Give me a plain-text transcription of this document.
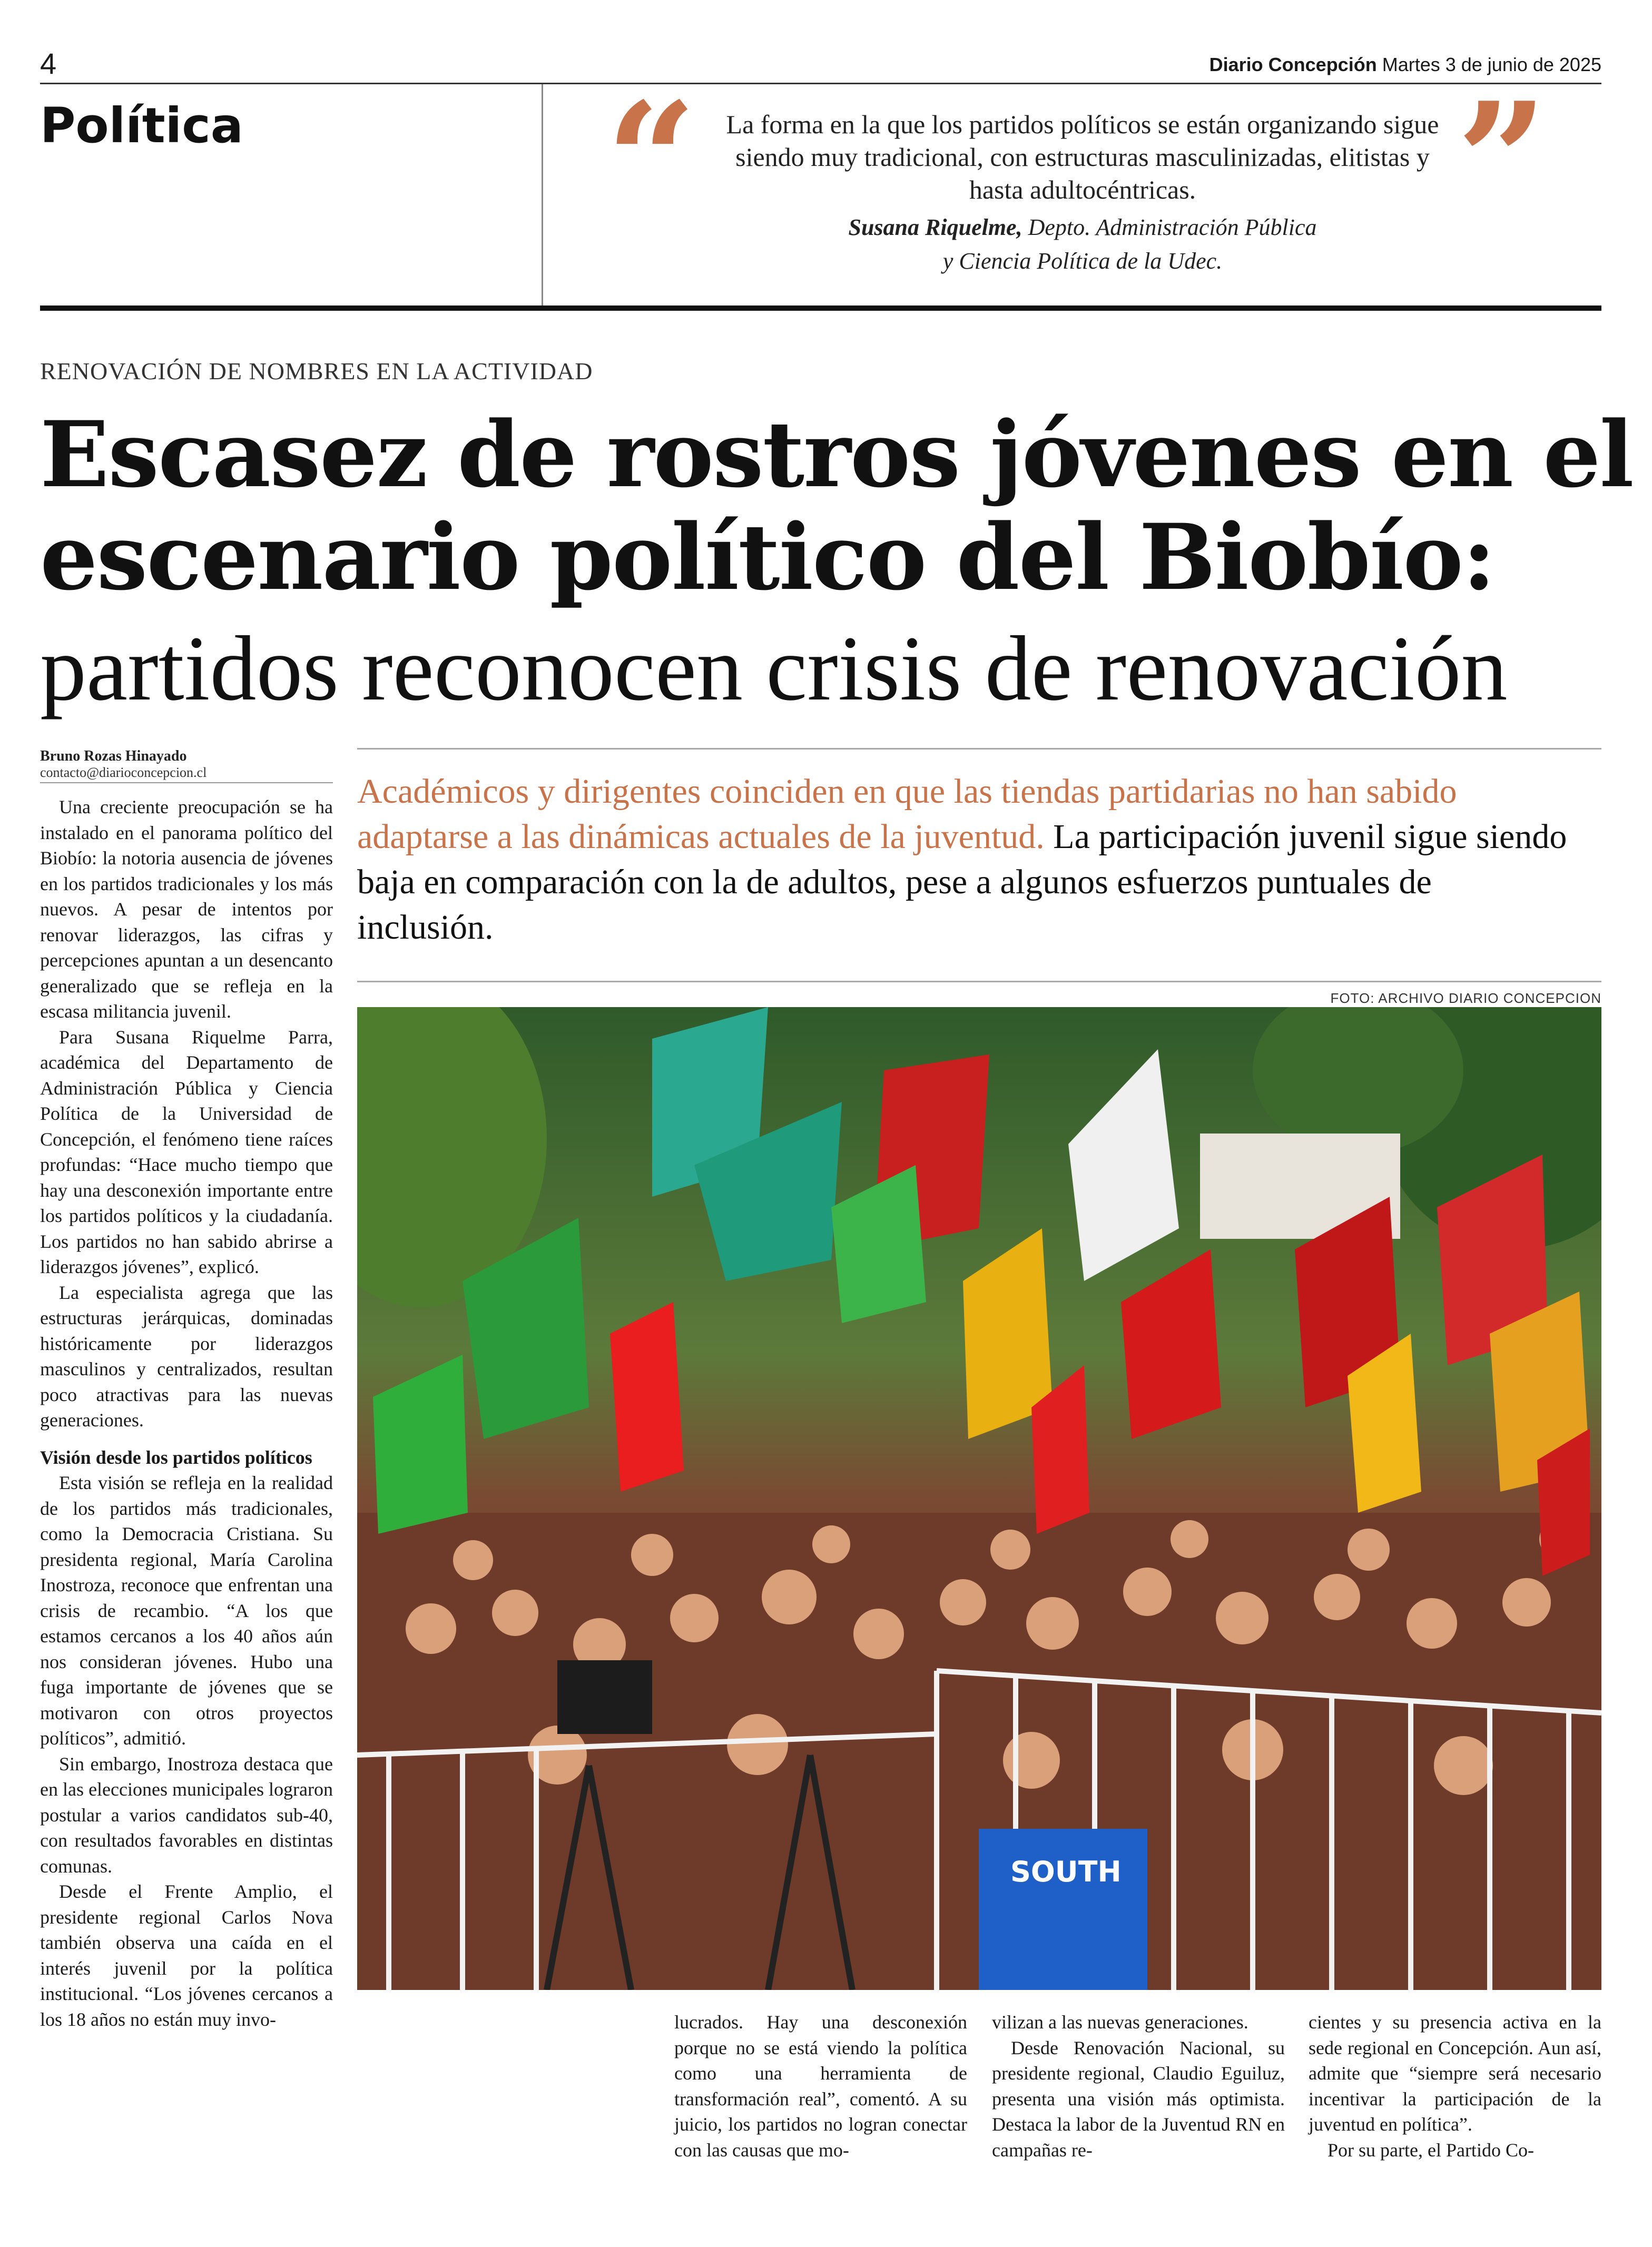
4	Diario Concepción Martes 3 de junio de 2025
Política “	La forma en la que los partidos políticos se están organizando sigue siendo muy tradicional, con estructuras masculinizadas, elitistas y hasta adultocéntricas.
Susana Riquelme, Depto. Administración Pública
y Ciencia Política de la Udec.
”
RENOVACIÓN DE NOMBRES EN LA ACTIVIDAD
Escasez de rostros jóvenes en el
escenario político del Biobío:
partidos reconocen crisis de renovación
Bruno Rozas Hinayado
contacto@diarioconcepcion.cl	Académicos y dirigentes coinciden en que las tiendas partidarias no han sabido adaptarse a las dinámicas actuales de la juventud. La participación juvenil sigue siendo baja en comparación con la de adultos, pese a algunos esfuerzos puntuales de inclusión.
FOTO: ARCHIVO DIARIO CONCEPCION
SOUTH

Una creciente preocupación se ha instalado en el panorama político del Biobío: la notoria ausencia de jóvenes en los partidos tradicionales y los más nuevos. A pesar de intentos por renovar liderazgos, las cifras y percepciones apuntan a un desencanto generalizado que se refleja en la escasa militancia juvenil.

Para Susana Riquelme Parra, académica del Departamento de Administración Pública y Ciencia Política de la Universidad de Concepción, el fenómeno tiene raíces profundas: “Hace mucho tiempo que hay una desconexión importante entre los partidos políticos y la ciudadanía. Los partidos no han sabido abrirse a liderazgos jóvenes”, explicó.

La especialista agrega que las estructuras jerárquicas, dominadas históricamente por liderazgos masculinos y centralizados, resultan poco atractivas para las nuevas generaciones.

Visión desde los partidos políticos

Esta visión se refleja en la realidad de los partidos más tradicionales, como la Democracia Cristiana. Su presidenta regional, María Carolina Inostroza, reconoce que enfrentan una crisis de recambio. “A los que estamos cercanos a los 40 años aún nos consideran jóvenes. Hubo una fuga importante de jóvenes que se motivaron con otros proyectos políticos”, admitió.

Sin embargo, Inostroza destaca que en las elecciones municipales lograron postular a varios candidatos sub-40, con resultados favorables en distintas comunas.

Desde el Frente Amplio, el presidente regional Carlos Nova también observa una caída en el interés juvenil por la política institucional. “Los jóvenes cercanos a los 18 años no están muy invo-	lucrados. Hay una desconexión porque no se está viendo la política como una herramienta de transformación real”, comentó. A su juicio, los partidos no logran conectar con las causas que mo-

vilizan a las nuevas generaciones.

Desde Renovación Nacional, su presidente regional, Claudio Eguiluz, presenta una visión más optimista. Destaca la labor de la Juventud RN en campañas re-

cientes y su presencia activa en la sede regional en Concepción. Aun así, admite que “siempre será necesario incentivar la participación de la juventud en política”.

Por su parte, el Partido Co-
